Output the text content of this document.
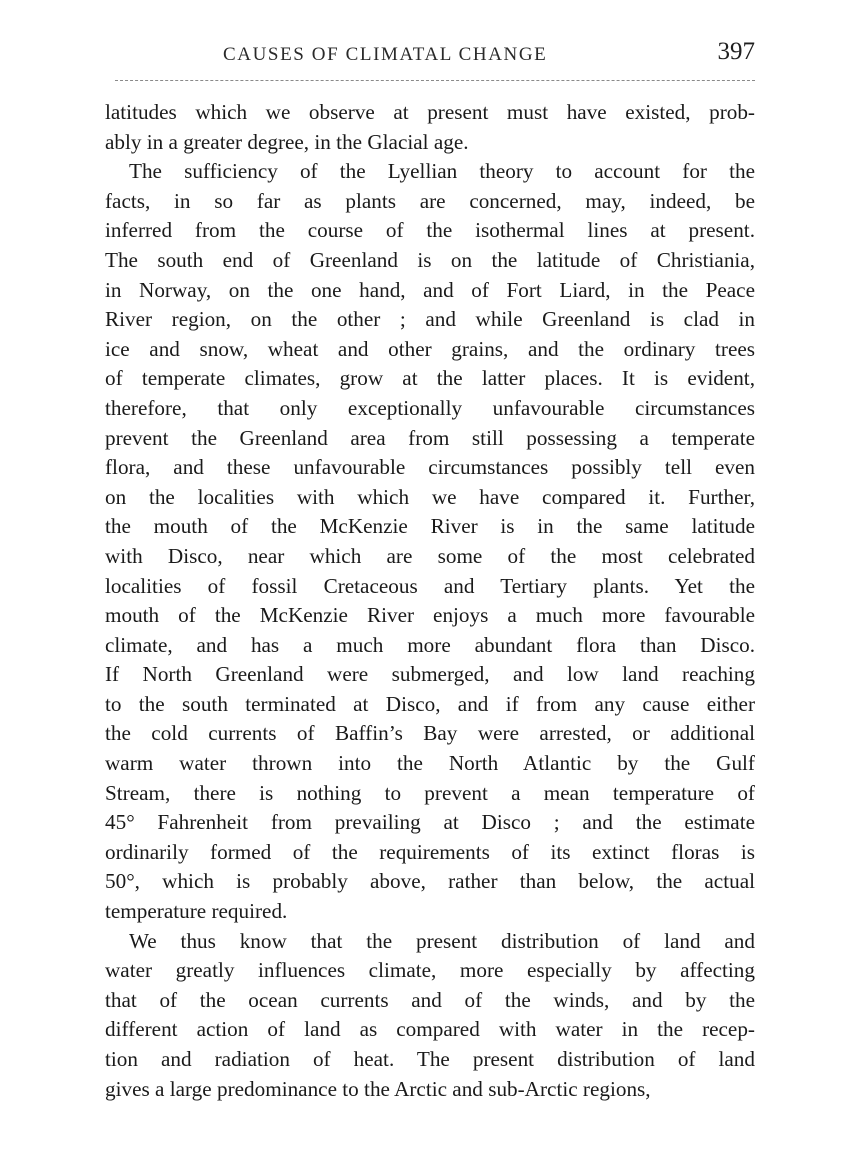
CAUSES OF CLIMATAL CHANGE	397
latitudes which we observe at present must have existed, prob-
ably in a greater degree, in the Glacial age.
The sufficiency of the Lyellian theory to account for the
facts, in so far as plants are concerned, may, indeed, be
inferred from the course of the isothermal lines at present.
The south end of Greenland is on the latitude of Christiania,
in Norway, on the one hand, and of Fort Liard, in the Peace
River region, on the other ; and while Greenland is clad in
ice and snow, wheat and other grains, and the ordinary trees
of temperate climates, grow at the latter places. It is evident,
therefore, that only exceptionally unfavourable circumstances
prevent the Greenland area from still possessing a temperate
flora, and these unfavourable circumstances possibly tell even
on the localities with which we have compared it. Further,
the mouth of the McKenzie River is in the same latitude
with Disco, near which are some of the most celebrated
localities of fossil Cretaceous and Tertiary plants. Yet the
mouth of the McKenzie River enjoys a much more favourable
climate, and has a much more abundant flora than Disco.
If North Greenland were submerged, and low land reaching
to the south terminated at Disco, and if from any cause either
the cold currents of Baffin’s Bay were arrested, or additional
warm water thrown into the North Atlantic by the Gulf
Stream, there is nothing to prevent a mean temperature of
45° Fahrenheit from prevailing at Disco ; and the estimate
ordinarily formed of the requirements of its extinct floras is
50°, which is probably above, rather than below, the actual
temperature required.
We thus know that the present distribution of land and
water greatly influences climate, more especially by affecting
that of the ocean currents and of the winds, and by the
different action of land as compared with water in the recep-
tion and radiation of heat. The present distribution of land
gives a large predominance to the Arctic and sub-Arctic regions,
